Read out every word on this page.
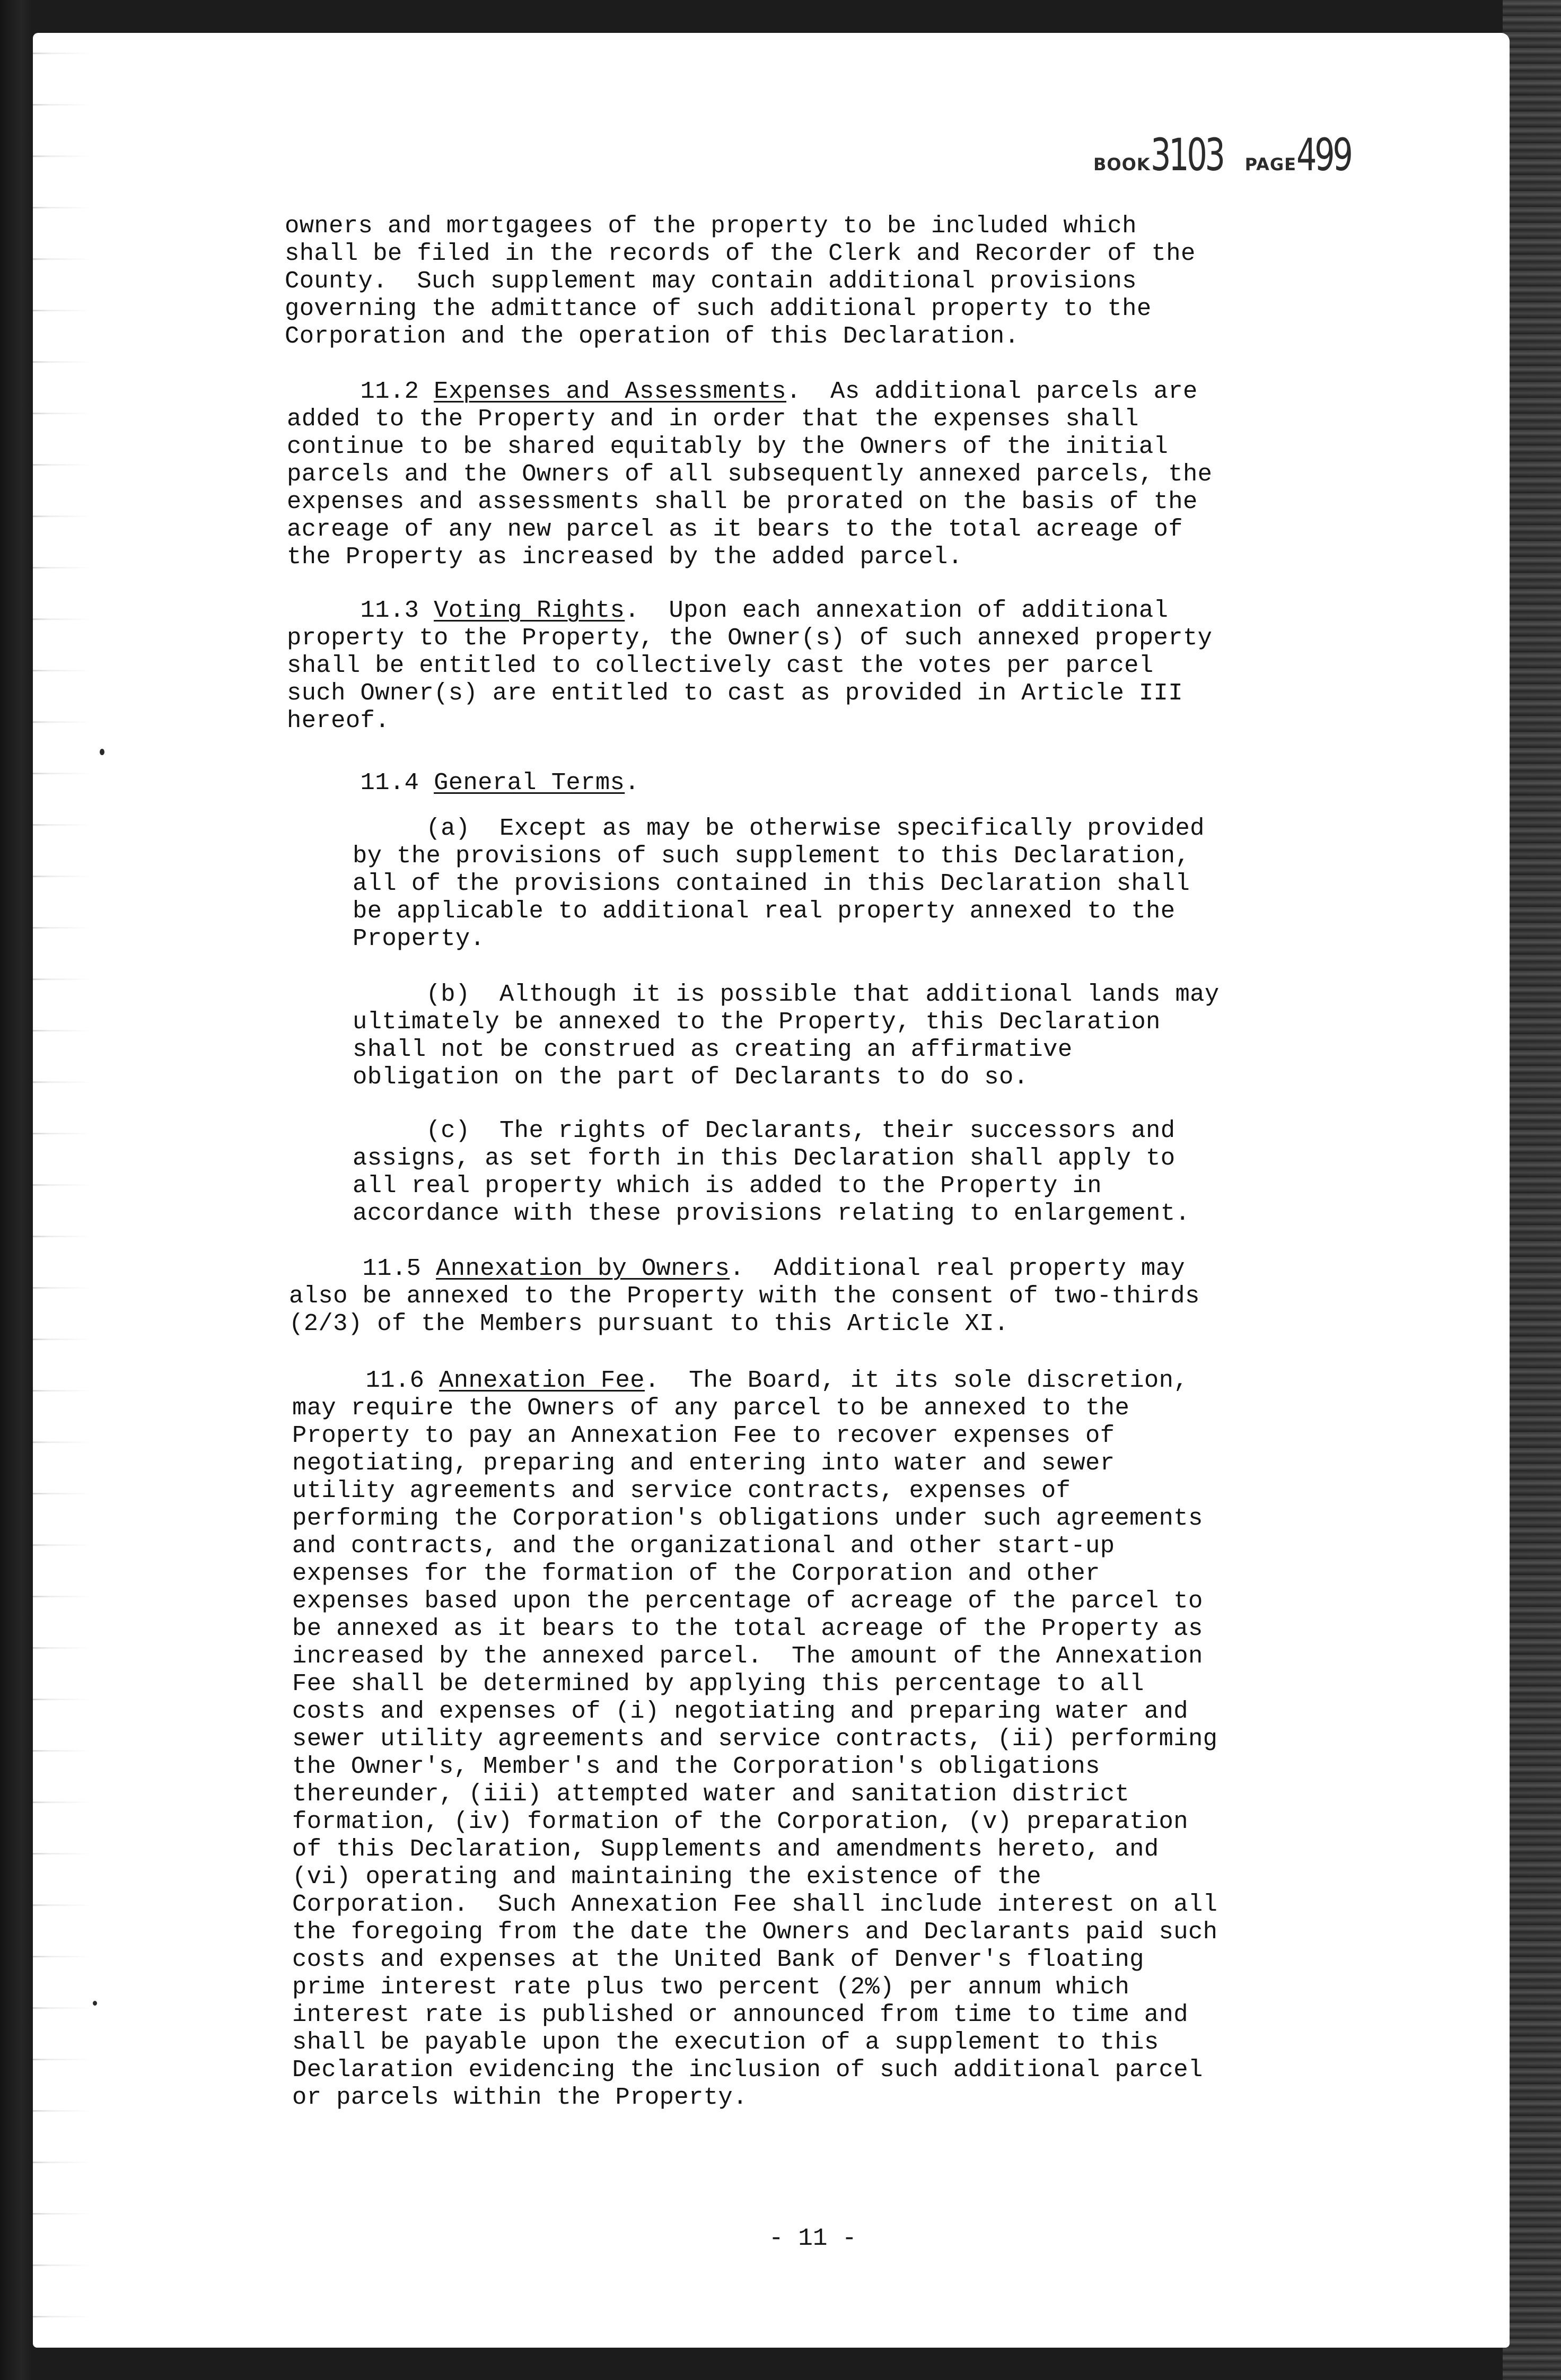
BOOK3103 PAGE499

owners and mortgagees of the property to be included which
shall be filed in the records of the Clerk and Recorder of the
County.  Such supplement may contain additional provisions
governing the admittance of such additional property to the
Corporation and the operation of this Declaration.

11.2 Expenses and Assessments.  As additional parcels are
added to the Property and in order that the expenses shall
continue to be shared equitably by the Owners of the initial
parcels and the Owners of all subsequently annexed parcels, the
expenses and assessments shall be prorated on the basis of the
acreage of any new parcel as it bears to the total acreage of
the Property as increased by the added parcel.

11.3 Voting Rights.  Upon each annexation of additional
property to the Property, the Owner(s) of such annexed property
shall be entitled to collectively cast the votes per parcel
such Owner(s) are entitled to cast as provided in Article III
hereof.

11.4 General Terms.

(a)  Except as may be otherwise specifically provided
by the provisions of such supplement to this Declaration,
all of the provisions contained in this Declaration shall
be applicable to additional real property annexed to the
Property.

(b)  Although it is possible that additional lands may
ultimately be annexed to the Property, this Declaration
shall not be construed as creating an affirmative
obligation on the part of Declarants to do so.

(c)  The rights of Declarants, their successors and
assigns, as set forth in this Declaration shall apply to
all real property which is added to the Property in
accordance with these provisions relating to enlargement.

11.5 Annexation by Owners.  Additional real property may
also be annexed to the Property with the consent of two-thirds
(2/3) of the Members pursuant to this Article XI.

11.6 Annexation Fee.  The Board, it its sole discretion,
may require the Owners of any parcel to be annexed to the
Property to pay an Annexation Fee to recover expenses of
negotiating, preparing and entering into water and sewer
utility agreements and service contracts, expenses of
performing the Corporation's obligations under such agreements
and contracts, and the organizational and other start-up
expenses for the formation of the Corporation and other
expenses based upon the percentage of acreage of the parcel to
be annexed as it bears to the total acreage of the Property as
increased by the annexed parcel.  The amount of the Annexation
Fee shall be determined by applying this percentage to all
costs and expenses of (i) negotiating and preparing water and
sewer utility agreements and service contracts, (ii) performing
the Owner's, Member's and the Corporation's obligations
thereunder, (iii) attempted water and sanitation district
formation, (iv) formation of the Corporation, (v) preparation
of this Declaration, Supplements and amendments hereto, and
(vi) operating and maintaining the existence of the
Corporation.  Such Annexation Fee shall include interest on all
the foregoing from the date the Owners and Declarants paid such
costs and expenses at the United Bank of Denver's floating
prime interest rate plus two percent (2%) per annum which
interest rate is published or announced from time to time and
shall be payable upon the execution of a supplement to this
Declaration evidencing the inclusion of such additional parcel
or parcels within the Property.

- 11 -
